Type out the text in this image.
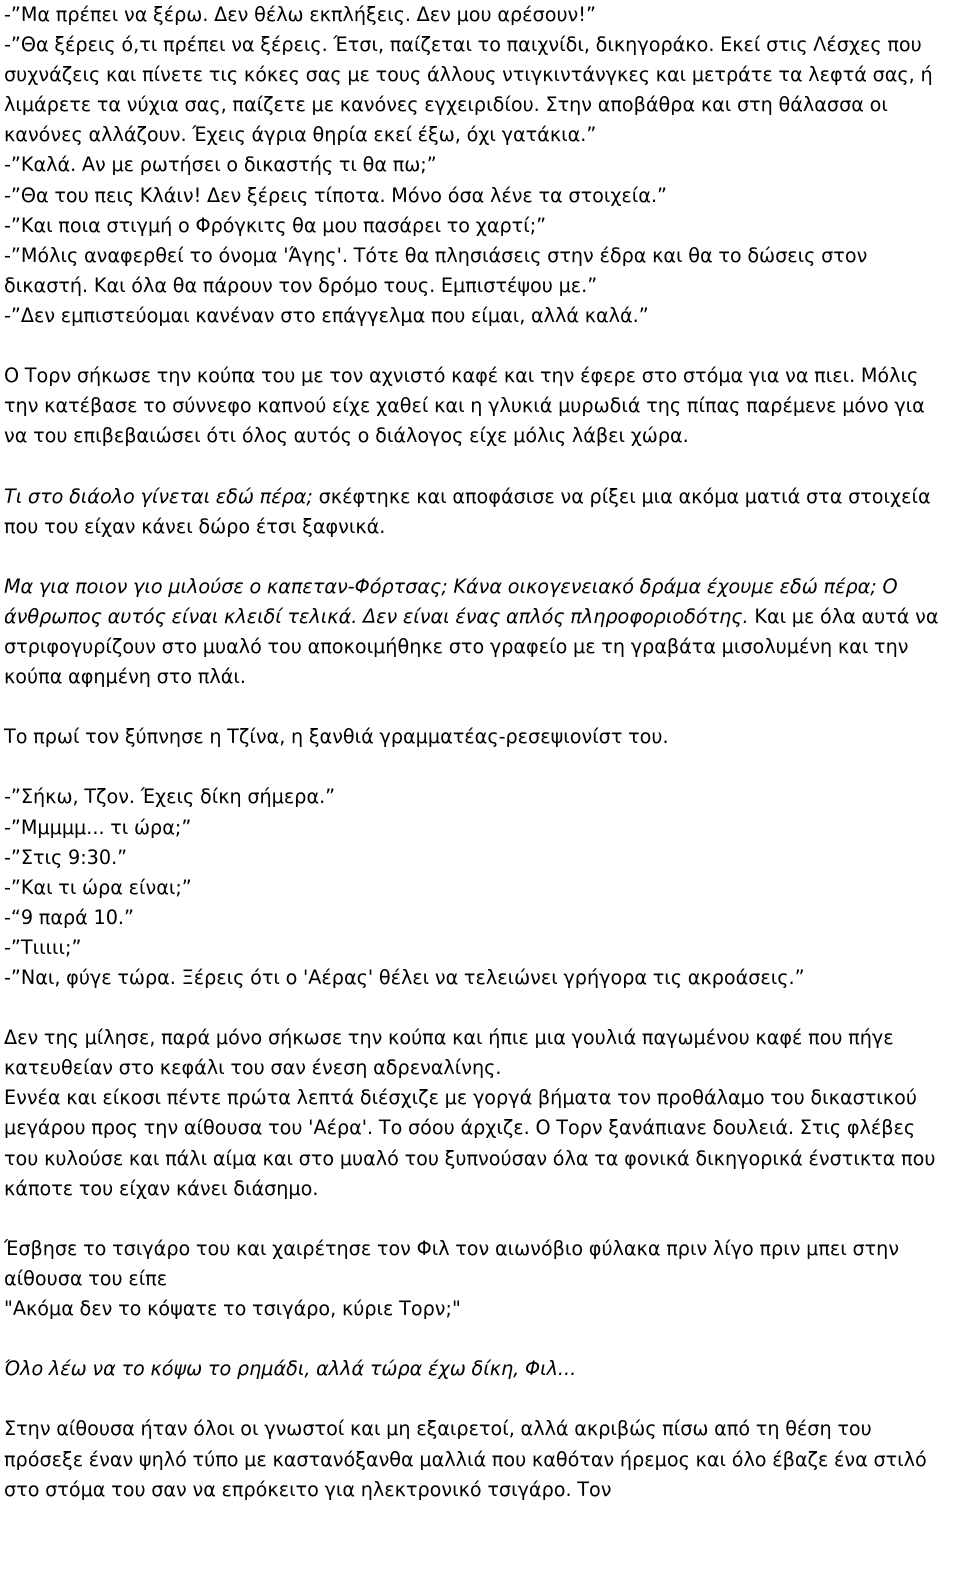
-”Μα πρέπει να ξέρω. Δεν θέλω εκπλήξεις. Δεν μου αρέσουν!”
-”Θα ξέρεις ό,τι πρέπει να ξέρεις. Έτσι, παίζεται το παιχνίδι, δικηγοράκο. Εκεί στις Λέσχες που συχνάζεις και πίνετε τις κόκες σας με τους άλλους ντιγκιντάνγκες και μετράτε τα λεφτά σας, ή λιμάρετε τα νύχια σας, παίζετε με κανόνες εγχειριδίου. Στην αποβάθρα και στη θάλασσα οι κανόνες αλλάζουν. Έχεις άγρια θηρία εκεί έξω, όχι γατάκια.”
-”Καλά. Αν με ρωτήσει ο δικαστής τι θα πω;”
-”Θα του πεις Κλάιν! Δεν ξέρεις τίποτα. Μόνο όσα λένε τα στοιχεία.”
-”Και ποια στιγμή ο Φρόγκιτς θα μου πασάρει το χαρτί;”
-”Μόλις αναφερθεί το όνομα 'Άγης'. Τότε θα πλησιάσεις στην έδρα και θα το δώσεις στον δικαστή. Και όλα θα πάρουν τον δρόμο τους. Εμπιστέψου με.”
-”Δεν εμπιστεύομαι κανέναν στο επάγγελμα που είμαι, αλλά καλά.”
Ο Τορν σήκωσε την κούπα του με τον αχνιστό καφέ και την έφερε στο στόμα για να πιει. Μόλις την κατέβασε το σύννεφο καπνού είχε χαθεί και η γλυκιά μυρωδιά της πίπας παρέμενε μόνο για να του επιβεβαιώσει ότι όλος αυτός ο διάλογος είχε μόλις λάβει χώρα.
Τι στο διάολο γίνεται εδώ πέρα; σκέφτηκε και αποφάσισε να ρίξει μια ακόμα ματιά στα στοιχεία που του είχαν κάνει δώρο έτσι ξαφνικά.
Μα για ποιον γιο μιλούσε ο καπεταν-Φόρτσας; Κάνα οικογενειακό δράμα έχουμε εδώ πέρα; Ο άνθρωπος αυτός είναι κλειδί τελικά. Δεν είναι ένας απλός πληροφοριοδότης. Και με όλα αυτά να στριφογυρίζουν στο μυαλό του αποκοιμήθηκε στο γραφείο με τη γραβάτα μισολυμένη και την κούπα αφημένη στο πλάι.
Το πρωί τον ξύπνησε η Τζίνα, η ξανθιά γραμματέας-ρεσεψιονίστ του.
-”Σήκω, Τζον. Έχεις δίκη σήμερα.”
-”Μμμμμ... τι ώρα;”
-”Στις 9:30.”
-”Και τι ώρα είναι;”
-“9 παρά 10.”
-”Τιιιιι;”
-”Ναι, φύγε τώρα. Ξέρεις ότι ο 'Αέρας' θέλει να τελειώνει γρήγορα τις ακροάσεις.”
Δεν της μίλησε, παρά μόνο σήκωσε την κούπα και ήπιε μια γουλιά παγωμένου καφέ που πήγε κατευθείαν στο κεφάλι του σαν ένεση αδρεναλίνης.
Εννέα και είκοσι πέντε πρώτα λεπτά διέσχιζε με γοργά βήματα τον προθάλαμο του δικαστικού μεγάρου προς την αίθουσα του 'Αέρα'. Το σόου άρχιζε. Ο Τορν ξανάπιανε δουλειά. Στις φλέβες του κυλούσε και πάλι αίμα και στο μυαλό του ξυπνούσαν όλα τα φονικά δικηγορικά ένστικτα που κάποτε του είχαν κάνει διάσημο.
Έσβησε το τσιγάρο του και χαιρέτησε τον Φιλ τον αιωνόβιο φύλακα πριν λίγο πριν μπει στην αίθουσα του είπε
"Ακόμα δεν το κόψατε το τσιγάρο, κύριε Τορν;"
Όλο λέω να το κόψω το ρημάδι, αλλά τώρα έχω δίκη, Φιλ...
Στην αίθουσα ήταν όλοι οι γνωστοί και μη εξαιρετοί, αλλά ακριβώς πίσω από τη θέση του πρόσεξε έναν ψηλό τύπο με καστανόξανθα μαλλιά που καθόταν ήρεμος και όλο έβαζε ένα στιλό στο στόμα του σαν να επρόκειτο για ηλεκτρονικό τσιγάρο. Τον
